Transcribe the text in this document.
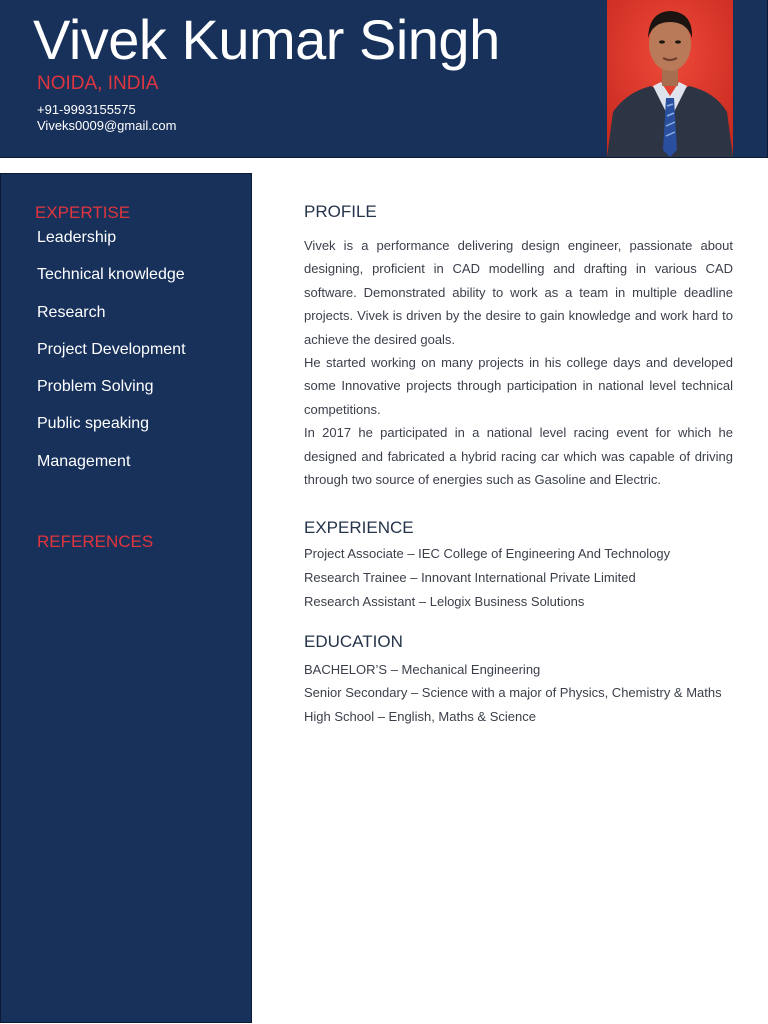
Vivek Kumar Singh
NOIDA, INDIA
+91-9993155575
Viveks0009@gmail.com
EXPERTISE
Leadership
Technical knowledge
Research
Project Development
Problem Solving
Public speaking
Management
REFERENCES
PROFILE

Vivek is a performance delivering design engineer, passionate about designing, proficient in CAD modelling and drafting in various CAD software. Demonstrated ability to work as a team in multiple deadline projects. Vivek is driven by the desire to gain knowledge and work hard to achieve the desired goals.

He started working on many projects in his college days and developed some Innovative projects through participation in national level technical competitions.

In 2017 he participated in a national level racing event for which he designed and fabricated a hybrid racing car which was capable of driving through two source of energies such as Gasoline and Electric.

EXPERIENCE
Project Associate – IEC College of Engineering And Technology
Research Trainee – Innovant International Private Limited
Research Assistant – Lelogix Business Solutions
EDUCATION
BACHELOR’S – Mechanical Engineering
Senior Secondary – Science with a major of Physics, Chemistry & Maths
High School – English, Maths & Science
